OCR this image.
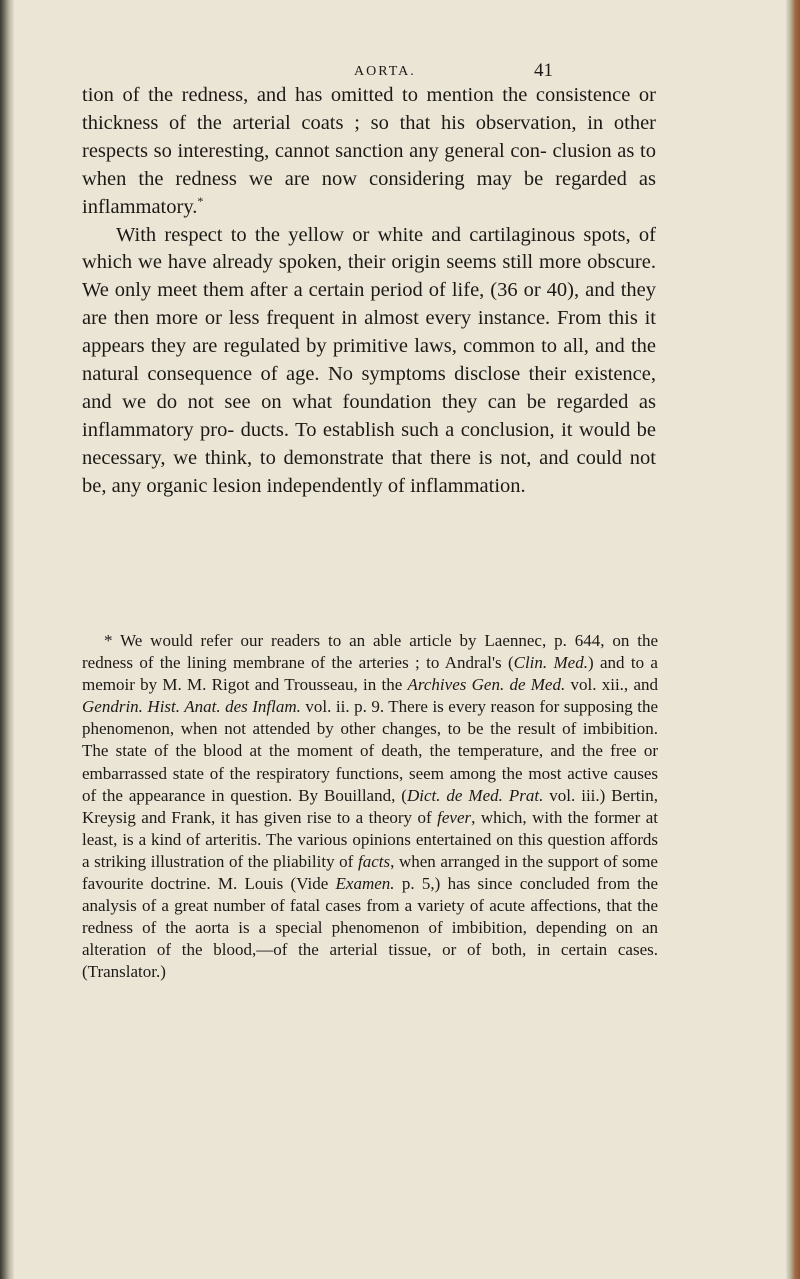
AORTA.	41

tion of the redness, and has omitted to mention the consistence or thickness of the arterial coats ; so that his observation, in other respects so interesting, cannot sanction any general con- clusion as to when the redness we are now considering may be regarded as inflammatory.*

With respect to the yellow or white and cartilaginous spots, of which we have already spoken, their origin seems still more obscure. We only meet them after a certain period of life, (36 or 40), and they are then more or less frequent in almost every instance. From this it appears they are regulated by primitive laws, common to all, and the natural consequence of age. No symptoms disclose their existence, and we do not see on what foundation they can be regarded as inflammatory pro- ducts. To establish such a conclusion, it would be necessary, we think, to demonstrate that there is not, and could not be, any organic lesion independently of inflammation.

* We would refer our readers to an able article by Laennec, p. 644, on the redness of the lining membrane of the arteries ; to Andral's (Clin. Med.) and to a memoir by M. M. Rigot and Trousseau, in the Archives Gen. de Med. vol. xii., and Gendrin. Hist. Anat. des Inflam. vol. ii. p. 9. There is every reason for supposing the phenomenon, when not attended by other changes, to be the result of imbibition. The state of the blood at the moment of death, the temperature, and the free or embarrassed state of the respiratory functions, seem among the most active causes of the appearance in question. By Bouilland, (Dict. de Med. Prat. vol. iii.) Bertin, Kreysig and Frank, it has given rise to a theory of fever, which, with the former at least, is a kind of arteritis. The various opinions entertained on this question affords a striking illustration of the pliability of facts, when arranged in the support of some favourite doctrine. M. Louis (Vide Examen. p. 5,) has since concluded from the analysis of a great number of fatal cases from a variety of acute affections, that the redness of the aorta is a special phenomenon of imbibition, depending on an alteration of the blood,—of the arterial tissue, or of both, in certain cases. (Translator.)
